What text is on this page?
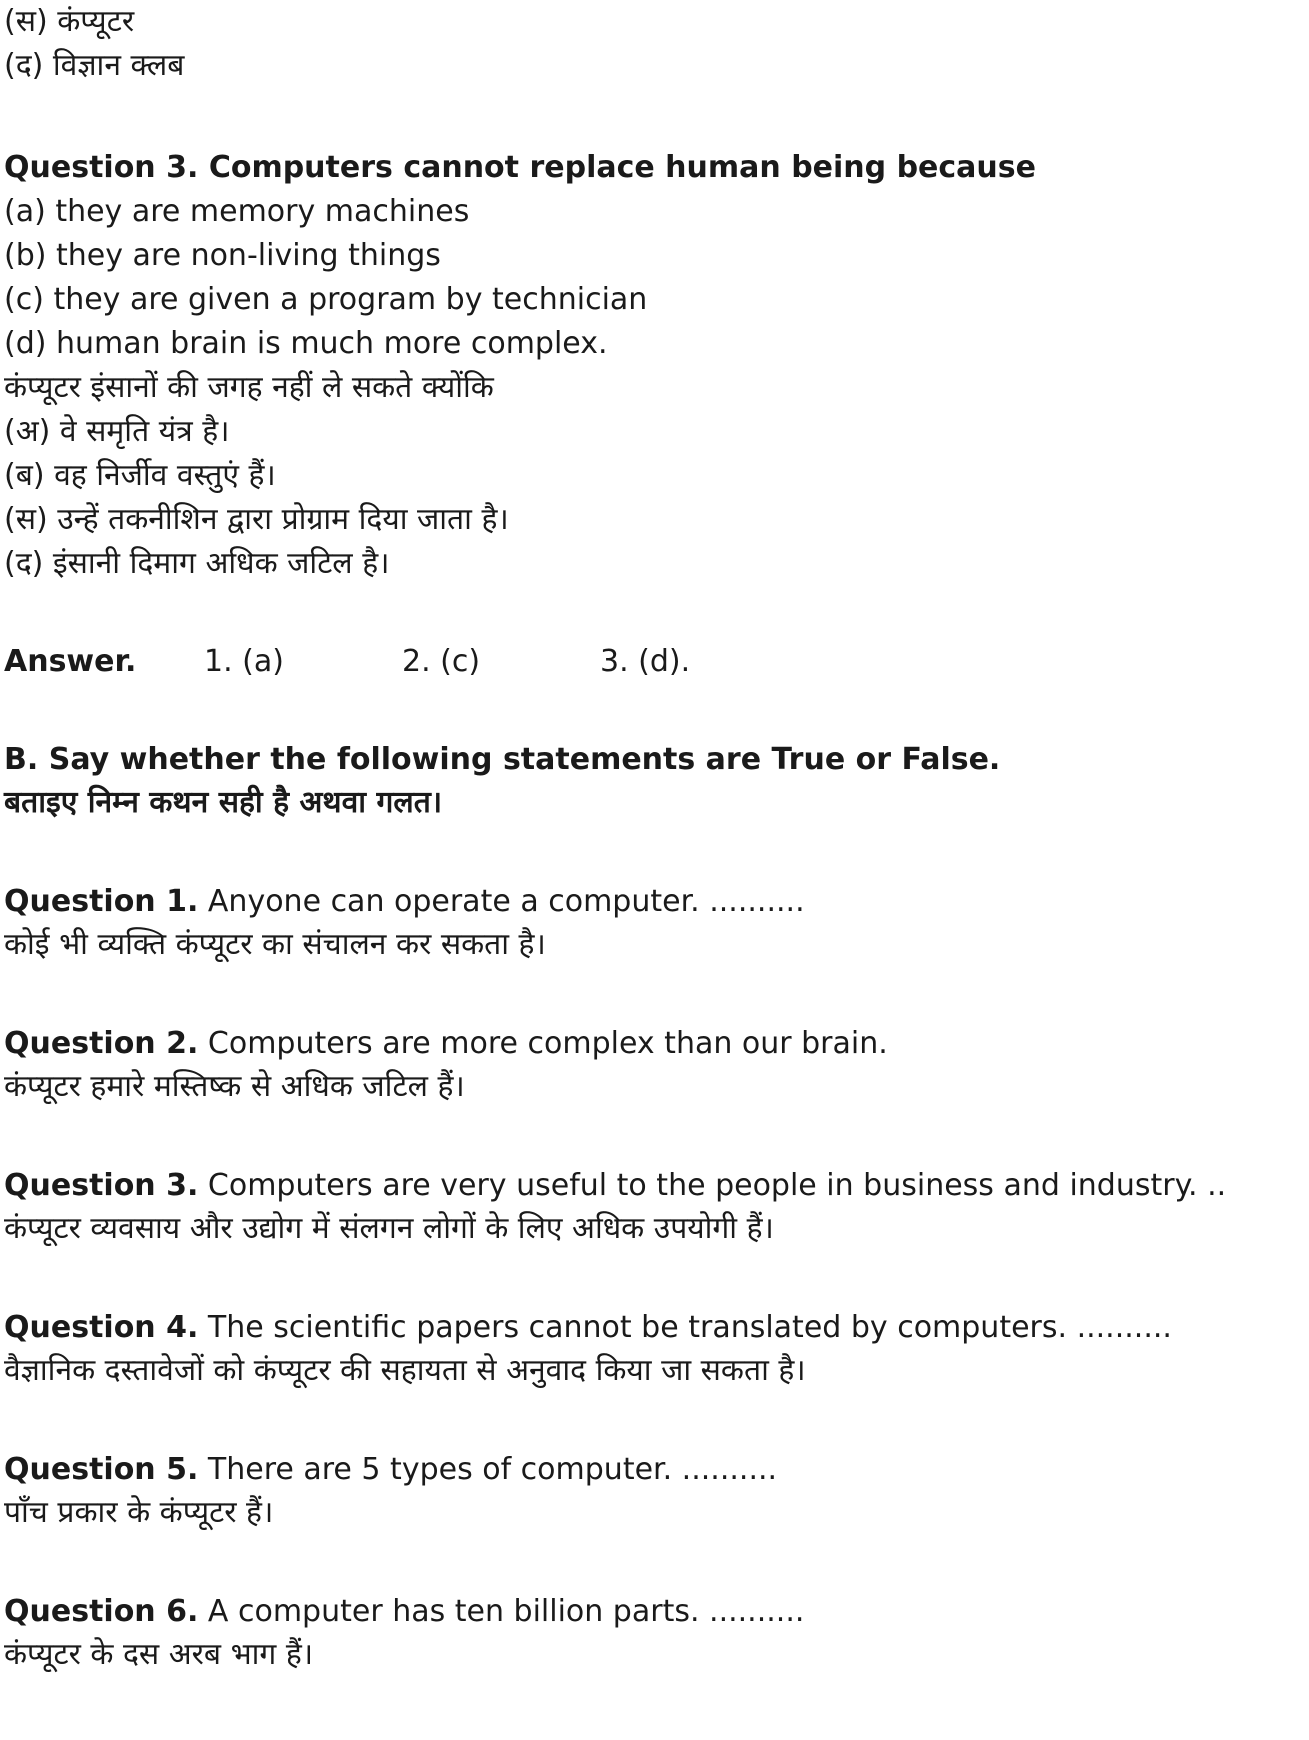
(स) कंप्यूटर
(द) विज्ञान क्लब
Question 3. Computers cannot replace human being because
(a) they are memory machines
(b) they are non-living things
(c) they are given a program by technician
(d) human brain is much more complex.
कंप्यूटर इंसानों की जगह नहीं ले सकते क्योंकि
(अ) वे समृति यंत्र है।
(ब) वह निर्जीव वस्तुएं हैं।
(स) उन्हें तकनीशिन द्वारा प्रोग्राम दिया जाता है।
(द) इंसानी दिमाग अधिक जटिल है।
Answer. 1. (a)	2. (c)	3. (d).
B. Say whether the following statements are True or False.
बताइए निम्न कथन सही है अथवा गलत।
Question 1. Anyone can operate a computer. ..........
कोई भी व्यक्ति कंप्यूटर का संचालन कर सकता है।
Question 2. Computers are more complex than our brain.
कंप्यूटर हमारे मस्तिष्क से अधिक जटिल हैं।
Question 3. Computers are very useful to the people in business and industry. ..
कंप्यूटर व्यवसाय और उद्योग में संलगन लोगों के लिए अधिक उपयोगी हैं।
Question 4. The scientific papers cannot be translated by computers. ..........
वैज्ञानिक दस्तावेजों को कंप्यूटर की सहायता से अनुवाद किया जा सकता है।
Question 5. There are 5 types of computer. ..........
पाँच प्रकार के कंप्यूटर हैं।
Question 6. A computer has ten billion parts. ..........
कंप्यूटर के दस अरब भाग हैं।
